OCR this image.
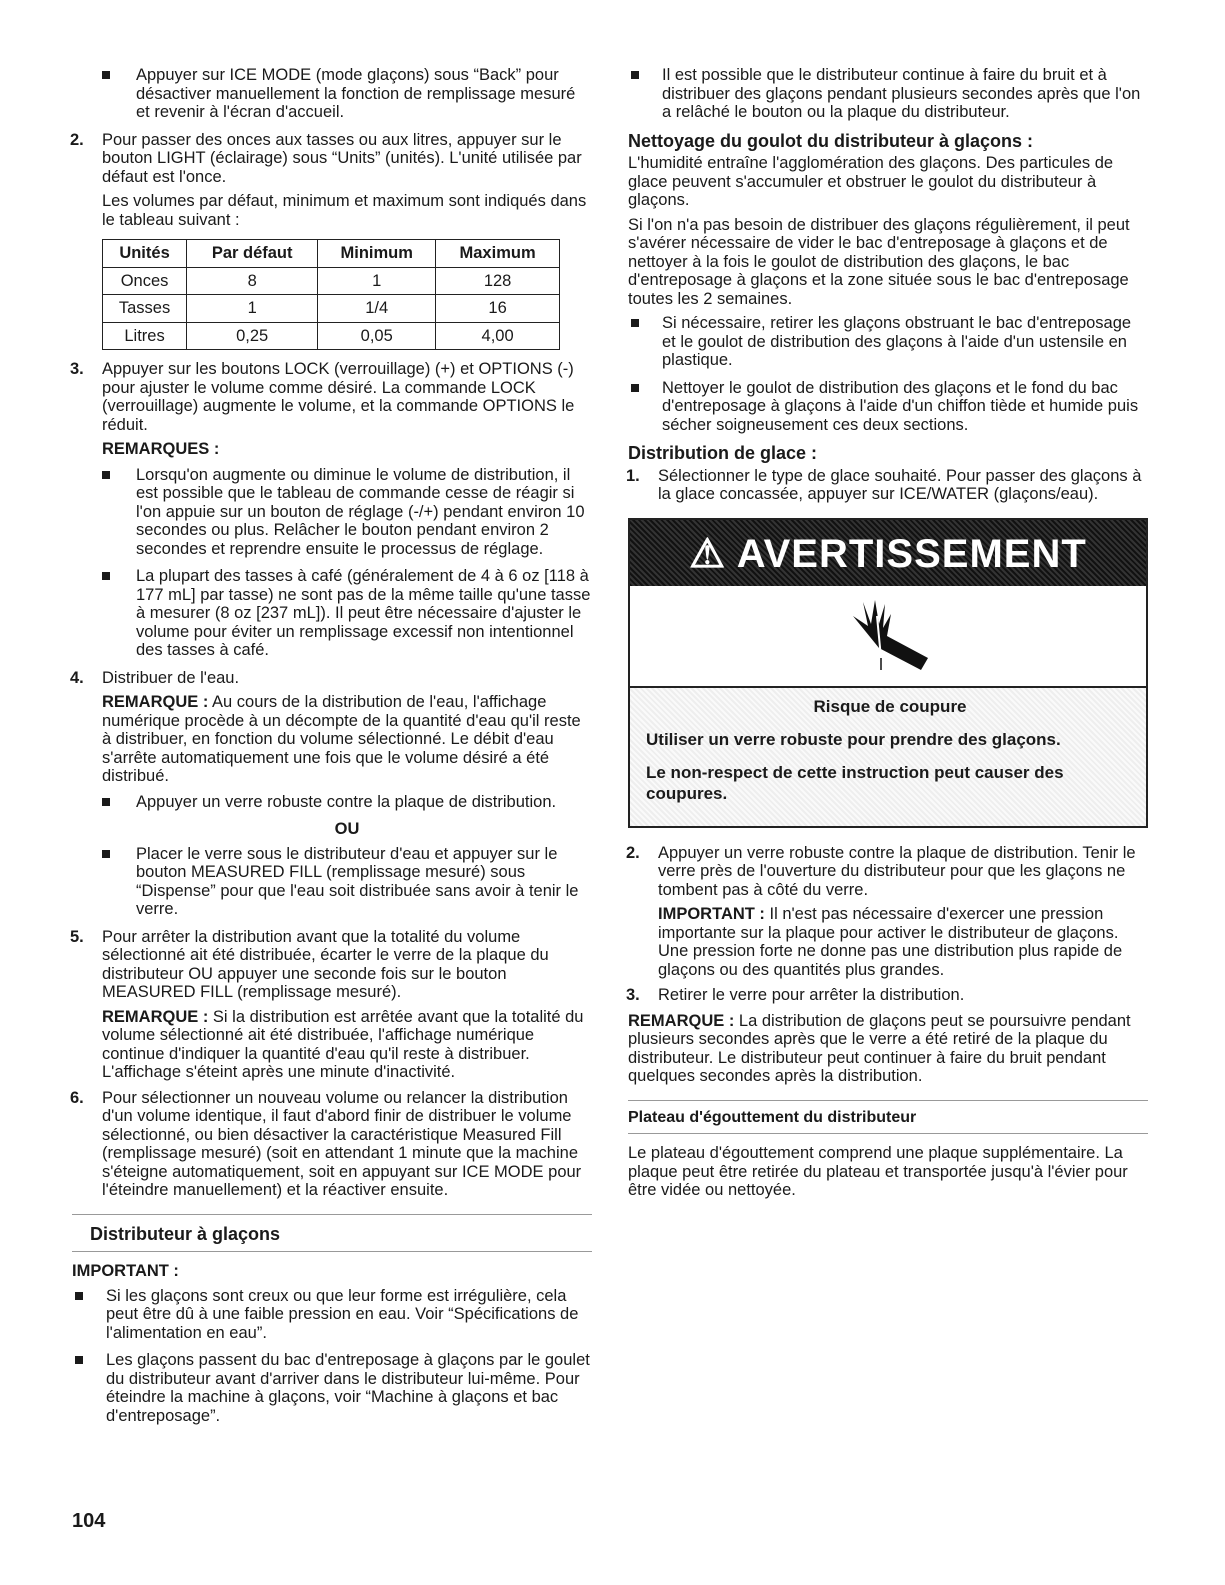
Appuyer sur ICE MODE (mode glaçons) sous “Back” pour désactiver manuellement la fonction de remplissage mesuré et revenir à l'écran d'accueil.
2. Pour passer des onces aux tasses ou aux litres, appuyer sur le bouton LIGHT (éclairage) sous “Units” (unités). L'unité utilisée par défaut est l'once.

Les volumes par défaut, minimum et maximum sont indiqués dans le tableau suivant :

Unités	Par défaut	Minimum	Maximum
Onces	8	1	128
Tasses	1	1/4	16
Litres	0,25	0,05	4,00
3. Appuyer sur les boutons LOCK (verrouillage) (+) et OPTIONS (-) pour ajuster le volume comme désiré. La commande LOCK (verrouillage) augmente le volume, et la commande OPTIONS le réduit.

REMARQUES :

Lorsqu'on augmente ou diminue le volume de distribution, il est possible que le tableau de commande cesse de réagir si l'on appuie sur un bouton de réglage (-/+) pendant environ 10 secondes ou plus. Relâcher le bouton pendant environ 2 secondes et reprendre ensuite le processus de réglage.
La plupart des tasses à café (généralement de 4 à 6 oz [118 à 177 mL] par tasse) ne sont pas de la même taille qu'une tasse à mesurer (8 oz [237 mL]). Il peut être nécessaire d'ajuster le volume pour éviter un remplissage excessif non intentionnel des tasses à café.
4. Distribuer de l'eau.

REMARQUE : Au cours de la distribution de l'eau, l'affichage numérique procède à un décompte de la quantité d'eau qu'il reste à distribuer, en fonction du volume sélectionné. Le débit d'eau s'arrête automatiquement une fois que le volume désiré a été distribué.

Appuyer un verre robuste contre la plaque de distribution.
OU
Placer le verre sous le distributeur d'eau et appuyer sur le bouton MEASURED FILL (remplissage mesuré) sous “Dispense” pour que l'eau soit distribuée sans avoir à tenir le verre.
5. Pour arrêter la distribution avant que la totalité du volume sélectionné ait été distribuée, écarter le verre de la plaque du distributeur OU appuyer une seconde fois sur le bouton MEASURED FILL (remplissage mesuré).

REMARQUE : Si la distribution est arrêtée avant que la totalité du volume sélectionné ait été distribuée, l'affichage numérique continue d'indiquer la quantité d'eau qu'il reste à distribuer. L'affichage s'éteint après une minute d'inactivité.

6. Pour sélectionner un nouveau volume ou relancer la distribution d'un volume identique, il faut d'abord finir de distribuer le volume sélectionné, ou bien désactiver la caractéristique Measured Fill (remplissage mesuré) (soit en attendant 1 minute que la machine s'éteigne automatiquement, soit en appuyant sur ICE MODE pour l'éteindre manuellement) et la réactiver ensuite.

Distributeur à glaçons

IMPORTANT :

Si les glaçons sont creux ou que leur forme est irrégulière, cela peut être dû à une faible pression en eau. Voir “Spécifications de l'alimentation en eau”.
Les glaçons passent du bac d'entreposage à glaçons par le goulet du distributeur avant d'arriver dans le distributeur lui-même. Pour éteindre la machine à glaçons, voir “Machine à glaçons et bac d'entreposage”.
Il est possible que le distributeur continue à faire du bruit et à distribuer des glaçons pendant plusieurs secondes après que l'on a relâché le bouton ou la plaque du distributeur.
Nettoyage du goulot du distributeur à glaçons :

L'humidité entraîne l'agglomération des glaçons. Des particules de glace peuvent s'accumuler et obstruer le goulot du distributeur à glaçons.

Si l'on n'a pas besoin de distribuer des glaçons régulièrement, il peut s'avérer nécessaire de vider le bac d'entreposage à glaçons et de nettoyer à la fois le goulot de distribution des glaçons, le bac d'entreposage à glaçons et la zone située sous le bac d'entreposage toutes les 2 semaines.

Si nécessaire, retirer les glaçons obstruant le bac d'entreposage et le goulot de distribution des glaçons à l'aide d'un ustensile en plastique.
Nettoyer le goulot de distribution des glaçons et le fond du bac d'entreposage à glaçons à l'aide d'un chiffon tiède et humide puis sécher soigneusement ces deux sections.
Distribution de glace :
1. Sélectionner le type de glace souhaité. Pour passer des glaçons à la glace concassée, appuyer sur ICE/WATER (glaçons/eau).

⚠ AVERTISSEMENT

Risque de coupure

Utiliser un verre robuste pour prendre des glaçons.

Le non-respect de cette instruction peut causer des coupures.

2. Appuyer un verre robuste contre la plaque de distribution. Tenir le verre près de l'ouverture du distributeur pour que les glaçons ne tombent pas à côté du verre.

IMPORTANT : Il n'est pas nécessaire d'exercer une pression importante sur la plaque pour activer le distributeur de glaçons. Une pression forte ne donne pas une distribution plus rapide de glaçons ou des quantités plus grandes.

3. Retirer le verre pour arrêter la distribution.

REMARQUE : La distribution de glaçons peut se poursuivre pendant plusieurs secondes après que le verre a été retiré de la plaque du distributeur. Le distributeur peut continuer à faire du bruit pendant quelques secondes après la distribution.

Plateau d'égouttement du distributeur

Le plateau d'égouttement comprend une plaque supplémentaire. La plaque peut être retirée du plateau et transportée jusqu'à l'évier pour être vidée ou nettoyée.

104
